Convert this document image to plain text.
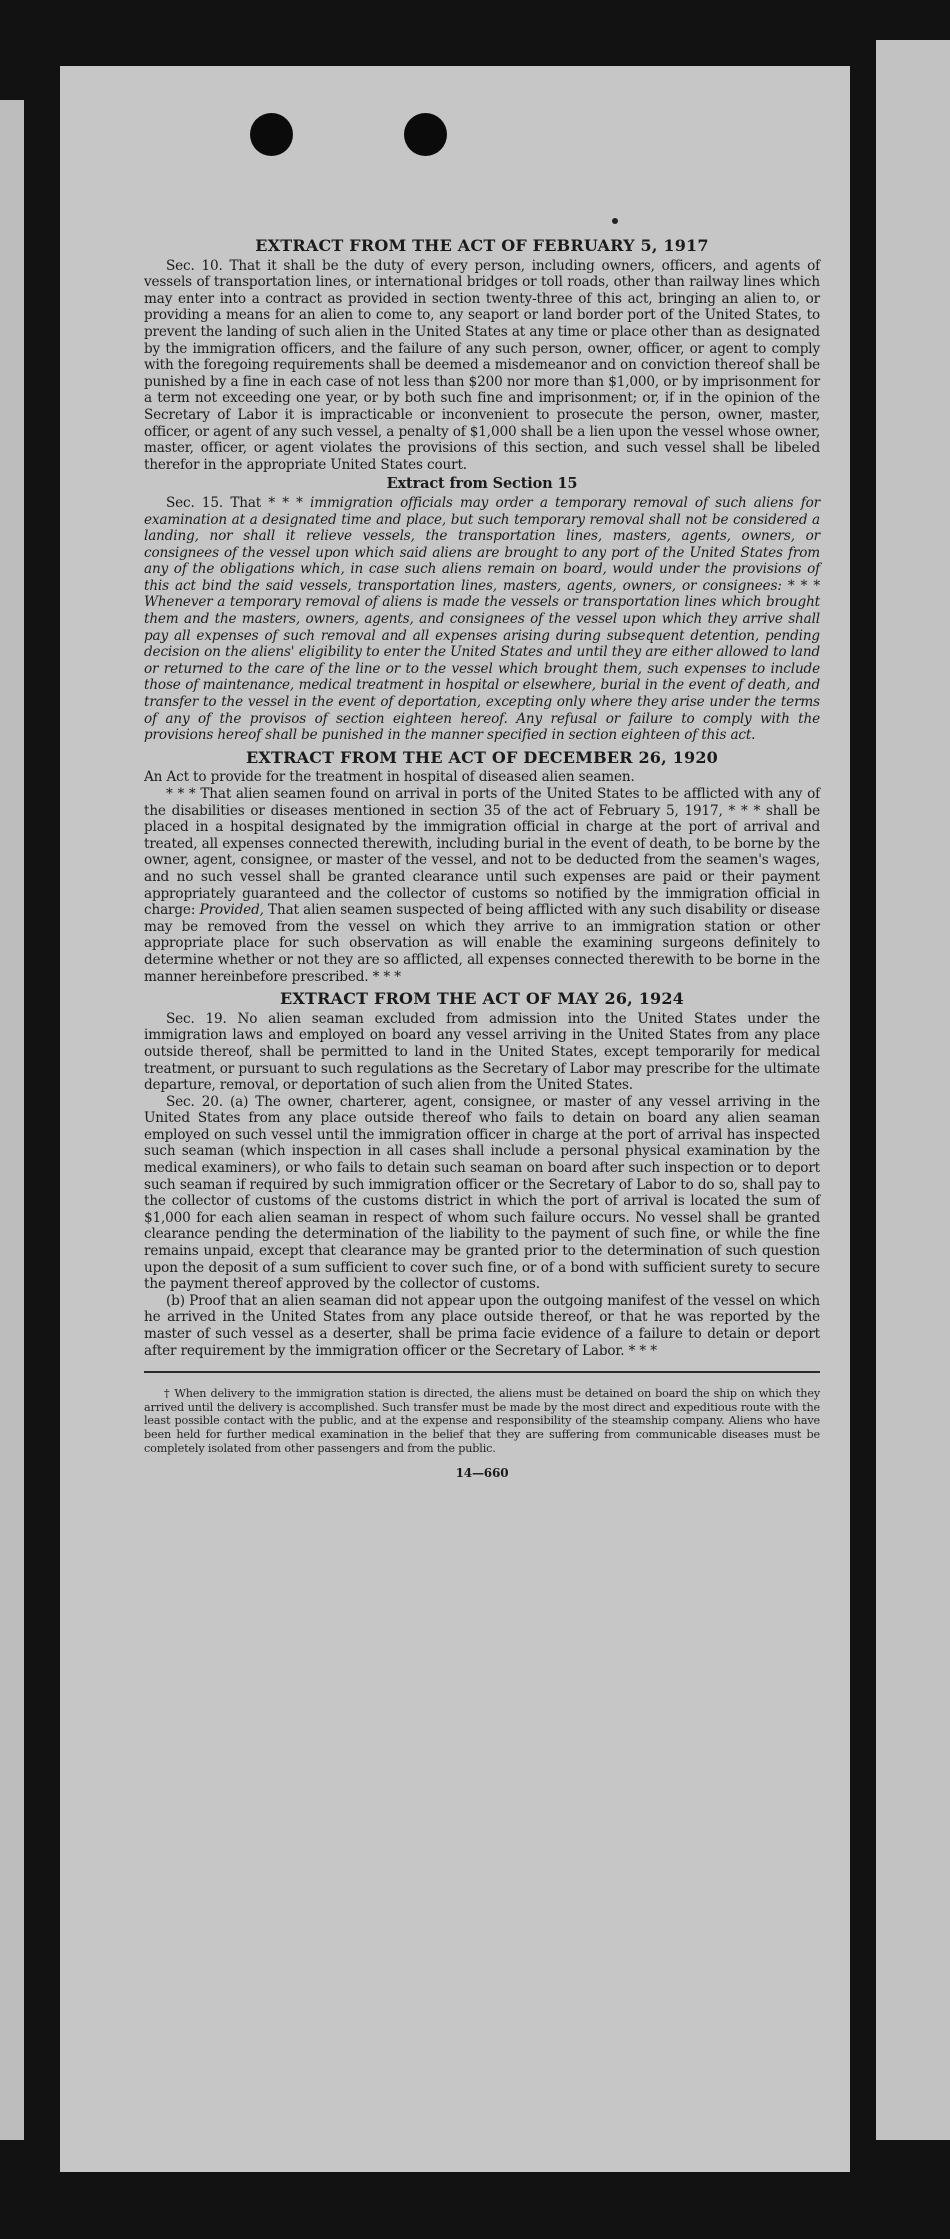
EXTRACT FROM THE ACT OF FEBRUARY 5, 1917

Sec. 10. That it shall be the duty of every person, including owners, officers, and agents of vessels of transportation lines, or international bridges or toll roads, other than railway lines which may enter into a contract as provided in section twenty-three of this act, bringing an alien to, or providing a means for an alien to come to, any seaport or land border port of the United States, to prevent the landing of such alien in the United States at any time or place other than as designated by the immigration officers, and the failure of any such person, owner, officer, or agent to comply with the foregoing requirements shall be deemed a misdemeanor and on conviction thereof shall be punished by a fine in each case of not less than $200 nor more than $1,000, or by imprisonment for a term not exceeding one year, or by both such fine and imprisonment; or, if in the opinion of the Secretary of Labor it is impracticable or inconvenient to prosecute the person, owner, master, officer, or agent of any such vessel, a penalty of $1,000 shall be a lien upon the vessel whose owner, master, officer, or agent violates the provisions of this section, and such vessel shall be libeled therefor in the appropriate United States court.

Extract from Section 15

Sec. 15. That * * * immigration officials may order a temporary removal of such aliens for examination at a designated time and place, but such temporary removal shall not be considered a landing, nor shall it relieve vessels, the transportation lines, masters, agents, owners, or consignees of the vessel upon which said aliens are brought to any port of the United States from any of the obligations which, in case such aliens remain on board, would under the provisions of this act bind the said vessels, transportation lines, masters, agents, owners, or consignees: * * * Whenever a temporary removal of aliens is made the vessels or transportation lines which brought them and the masters, owners, agents, and consignees of the vessel upon which they arrive shall pay all expenses of such removal and all expenses arising during subsequent detention, pending decision on the aliens' eligibility to enter the United States and until they are either allowed to land or returned to the care of the line or to the vessel which brought them, such expenses to include those of maintenance, medical treatment in hospital or elsewhere, burial in the event of death, and transfer to the vessel in the event of deportation, excepting only where they arise under the terms of any of the provisos of section eighteen hereof. Any refusal or failure to comply with the provisions hereof shall be punished in the manner specified in section eighteen of this act.

EXTRACT FROM THE ACT OF DECEMBER 26, 1920

An Act to provide for the treatment in hospital of diseased alien seamen.

* * * That alien seamen found on arrival in ports of the United States to be afflicted with any of the disabilities or diseases mentioned in section 35 of the act of February 5, 1917, * * * shall be placed in a hospital designated by the immigration official in charge at the port of arrival and treated, all expenses connected therewith, including burial in the event of death, to be borne by the owner, agent, consignee, or master of the vessel, and not to be deducted from the seamen's wages, and no such vessel shall be granted clearance until such expenses are paid or their payment appropriately guaranteed and the collector of customs so notified by the immigration official in charge: Provided, That alien seamen suspected of being afflicted with any such disability or disease may be removed from the vessel on which they arrive to an immigration station or other appropriate place for such observation as will enable the examining surgeons definitely to determine whether or not they are so afflicted, all expenses connected therewith to be borne in the manner hereinbefore prescribed. * * *

EXTRACT FROM THE ACT OF MAY 26, 1924

Sec. 19. No alien seaman excluded from admission into the United States under the immigration laws and employed on board any vessel arriving in the United States from any place outside thereof, shall be permitted to land in the United States, except temporarily for medical treatment, or pursuant to such regulations as the Secretary of Labor may prescribe for the ultimate departure, removal, or deportation of such alien from the United States.

Sec. 20. (a) The owner, charterer, agent, consignee, or master of any vessel arriving in the United States from any place outside thereof who fails to detain on board any alien seaman employed on such vessel until the immigration officer in charge at the port of arrival has inspected such seaman (which inspection in all cases shall include a personal physical examination by the medical examiners), or who fails to detain such seaman on board after such inspection or to deport such seaman if required by such immigration officer or the Secretary of Labor to do so, shall pay to the collector of customs of the customs district in which the port of arrival is located the sum of $1,000 for each alien seaman in respect of whom such failure occurs. No vessel shall be granted clearance pending the determination of the liability to the payment of such fine, or while the fine remains unpaid, except that clearance may be granted prior to the determination of such question upon the deposit of a sum sufficient to cover such fine, or of a bond with sufficient surety to secure the payment thereof approved by the collector of customs.

(b) Proof that an alien seaman did not appear upon the outgoing manifest of the vessel on which he arrived in the United States from any place outside thereof, or that he was reported by the master of such vessel as a deserter, shall be prima facie evidence of a failure to detain or deport after requirement by the immigration officer or the Secretary of Labor. * * *

† When delivery to the immigration station is directed, the aliens must be detained on board the ship on which they arrived until the delivery is accomplished. Such transfer must be made by the most direct and expeditious route with the least possible contact with the public, and at the expense and responsibility of the steamship company. Aliens who have been held for further medical examination in the belief that they are suffering from communicable diseases must be completely isolated from other passengers and from the public.

14—660
